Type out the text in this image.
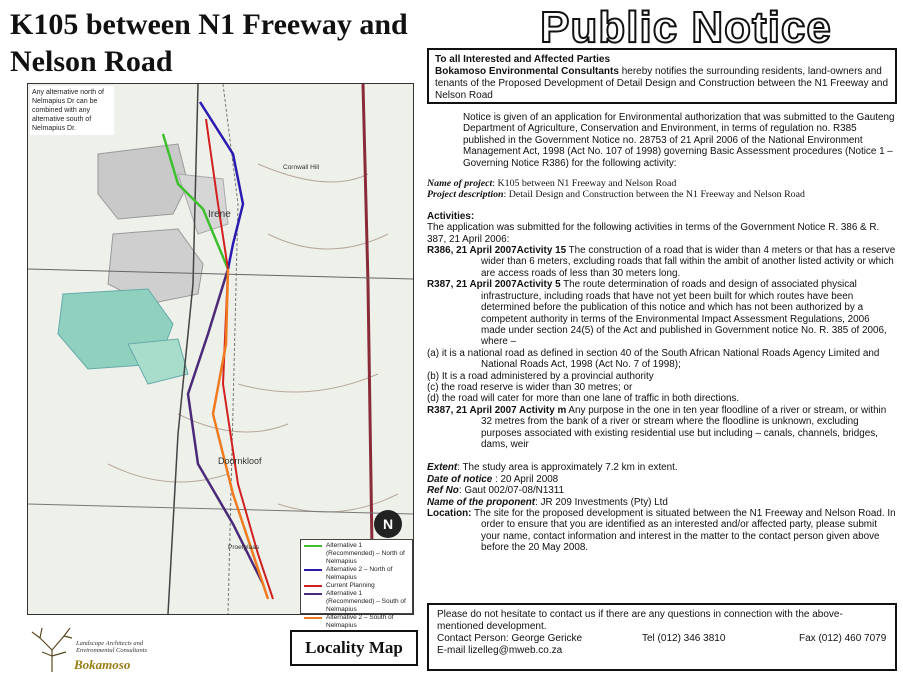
K105 between N1 Freeway and Nelson Road
Public Notice
Irene
Cornwall Hill
Doornkloof
Proefplaas
N
Any alternative north of Nelmapius Dr can be combined with any alternative south of Nelmapius Dr.
Alternative 1 (Recommended) – North of Nelmapius
Alternative 2 – North of Nelmapius
Current Planning
Alternative 1 (Recommended) – South of Nelmapius
Alternative 2 – South of Nelmapius
Locality Map
Landscape Architects and Environmental Consultants
Bokamoso
To all Interested and Affected Parties
Bokamoso Environmental Consultants hereby notifies the surrounding residents, land-owners and tenants of the Proposed Development of Detail Design and Construction between the N1 Freeway and Nelson Road

Notice is given of an application for Environmental authorization that was submitted to the Gauteng Department of Agriculture, Conservation and Environment, in terms of regulation no. R385 published in the Government Notice no. 28753 of 21 April 2006 of the National Environment Management Act, 1998 (Act No. 107 of 1998) governing Basic Assessment procedures (Notice 1 – Governing Notice R386) for the following activity:

Name of project: K105 between N1 Freeway and Nelson Road

Project description: Detail Design and Construction between the N1 Freeway and Nelson Road

Activities:

The application was submitted for the following activities in terms of the Government Notice R. 386 & R. 387, 21 April 2006:

R386, 21 April 2007Activity 15 The construction of a road that is wider than 4 meters or that has a reserve wider than 6 meters, excluding roads that fall within the ambit of another listed activity or which are access roads of less than 30 meters long.

R387, 21 April 2007Activity 5 The route determination of roads and design of associated physical infrastructure, including roads that have not yet been built for which routes have been determined before the publication of this notice and which has not been authorized by a competent authority in terms of the Environmental Impact Assessment Regulations, 2006 made under section 24(5) of the Act and published in Government notice No. R. 385 of 2006, where –

(a) it is a national road as defined in section 40 of the South African National Roads Agency Limited and National Roads Act, 1998 (Act No. 7 of 1998);

(b) It is a road administered by a provincial authority

(c) the road reserve is wider than 30 metres; or

(d) the road will cater for more than one lane of traffic in both directions.

R387, 21 April 2007 Activity m Any purpose in the one in ten year floodline of a river or stream, or within 32 metres from the bank of a river or stream where the floodline is unknown, excluding purposes associated with existing residential use but including – canals, channels, bridges, dams, weir

Extent: The study area is approximately 7.2 km in extent.

Date of notice : 20 April 2008

Ref No: Gaut 002/07-08/N1311

Name of the proponent: JR 209 Investments (Pty) Ltd

Location: The site for the proposed development is situated between the N1 Freeway and Nelson Road. In order to ensure that you are identified as an interested and/or affected party, please submit your name, contact information and interest in the matter to the contact person given above before the 20 May 2008.

Please do not hesitate to contact us if there are any questions in connection with the above-mentioned development.
Contact Person: George Gericke	Tel (012) 346 3810	Fax (012) 460 7079
E-mail lizelleg@mweb.co.za
